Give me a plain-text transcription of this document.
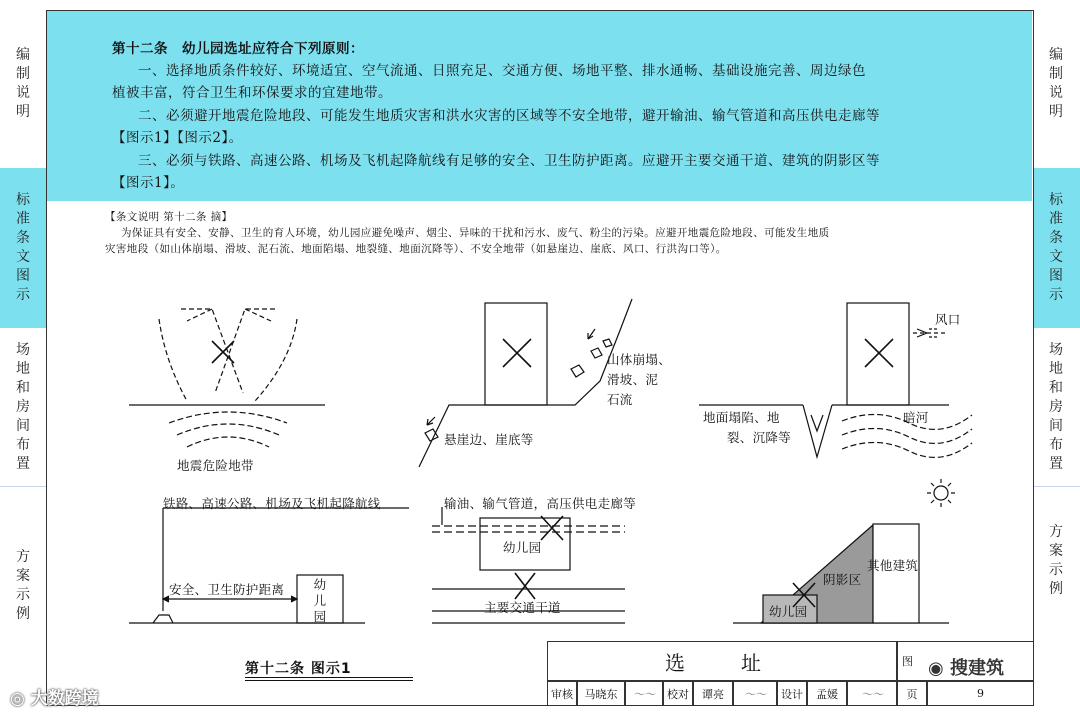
编制说明
标准条文图示
场地和房间布置
方案示例
编制说明
标准条文图示
场地和房间布置
方案示例

第十二条　幼儿园选址应符合下列原则：

一、选择地质条件较好、环境适宜、空气流通、日照充足、交通方便、场地平整、排水通畅、基础设施完善、周边绿色

植被丰富，符合卫生和环保要求的宜建地带。

二、必须避开地震危险地段、可能发生地质灾害和洪水灾害的区域等不安全地带，避开输油、输气管道和高压供电走廊等

【图示1】【图示2】。

三、必须与铁路、高速公路、机场及飞机起降航线有足够的安全、卫生防护距离。应避开主要交通干道、建筑的阴影区等

【图示1】。

【条文说明 第十二条 摘】

为保证具有安全、安静、卫生的育人环境，幼儿园应避免噪声、烟尘、异味的干扰和污水、废气、粉尘的污染。应避开地震危险地段、可能发生地质

灾害地段（如山体崩塌、滑坡、泥石流、地面陷塌、地裂缝、地面沉降等）、不安全地带（如悬崖边、崖底、风口、行洪沟口等）。

地震危险地带
山体崩塌、
滑坡、泥
石流
悬崖边、崖底等
风口
地面塌陷、地
裂、沉降等
暗河
铁路、高速公路、机场及飞机起降航线
安全、卫生防护距离 幼儿园
输油、输气管道，高压供电走廊等
幼儿园
主要交通干道
阴影区
其他建筑
幼儿园
第十二条 图示1	选　址	图
审核	马晓东	～～	校对	谭亮	～～	设计	孟媛	～～	页	9
◎ 大数跨境
◉ 搜建筑
